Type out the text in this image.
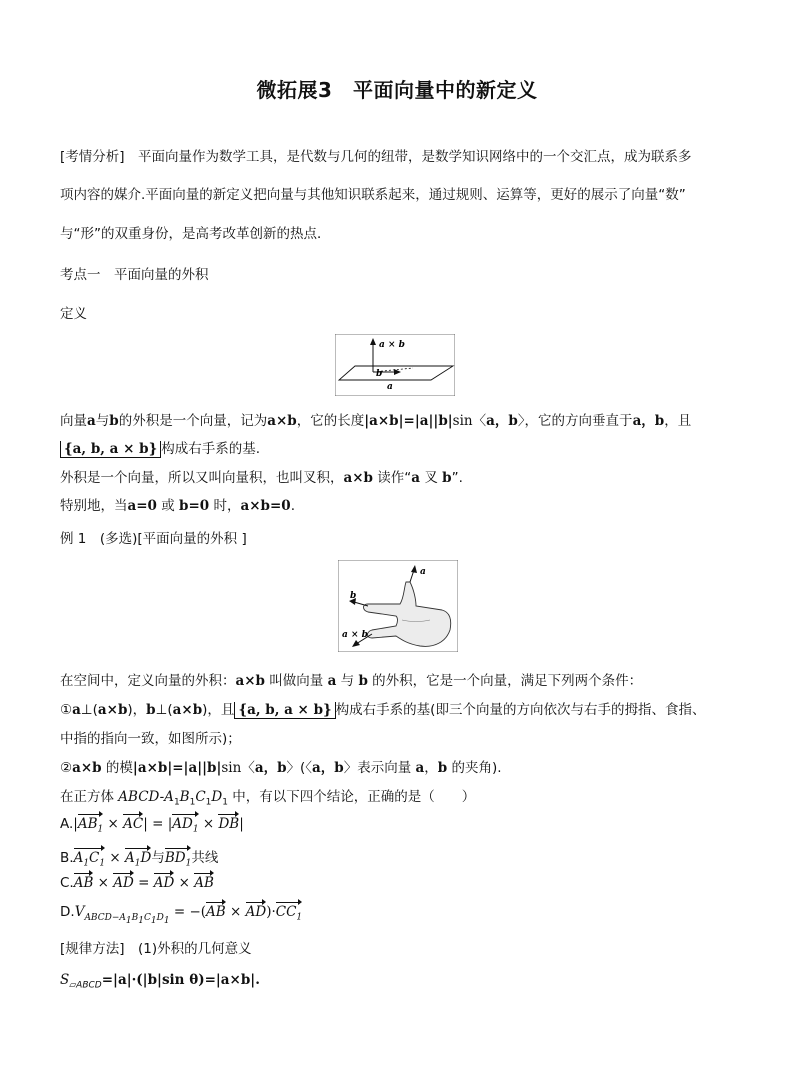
微拓展3　平面向量中的新定义
[考情分析]　平面向量作为数学工具，是代数与几何的纽带，是数学知识网络中的一个交汇点，成为联系多
项内容的媒介.平面向量的新定义把向量与其他知识联系起来，通过规则、运算等，更好的展示了向量“数”
与“形”的双重身份，是高考改革创新的热点．
考点一　平面向量的外积
定义
a × b
b
a
向量a与b的外积是一个向量，记为a×b，它的长度|a×b|=|a||b|sin〈a，b〉，它的方向垂直于a，b，且
{a, b, a × b} 构成右手系的基.
外积是一个向量，所以又叫向量积，也叫叉积，a×b 读作“a 叉 b”.
特别地，当a=0 或 b=0 时，a×b=0.
例 1　(多选)[平面向量的外积 ]
a
b
a × b
在空间中，定义向量的外积：a×b 叫做向量 a 与 b 的外积，它是一个向量，满足下列两个条件：
①a⊥(a×b)，b⊥(a×b)，且 {a, b, a × b} 构成右手系的基(即三个向量的方向依次与右手的拇指、食指、
中指的指向一致，如图所示)；
②a×b 的模|a×b|=|a||b|sin〈a，b〉(〈a，b〉表示向量 a，b 的夹角).
在正方体 ABCD-$A_1B_1C_1D_1$ 中，有以下四个结论，正确的是（　　）
$A.|AB_1 \times AC| = |AD_1 \times DB|$
$B.A_1C_1 \times A_1D$与$BD_1$共线
C.AB × AD = AD × AB
$D.V_{ABCD-A_1B_1C_1D_1} = -(AB \times AD)\cdot CC_1$
[规律方法]　(1)外积的几何意义
$S_{▱ABCD}=|a|\cdot(|b|\sin$ θ)=|a×b|.
